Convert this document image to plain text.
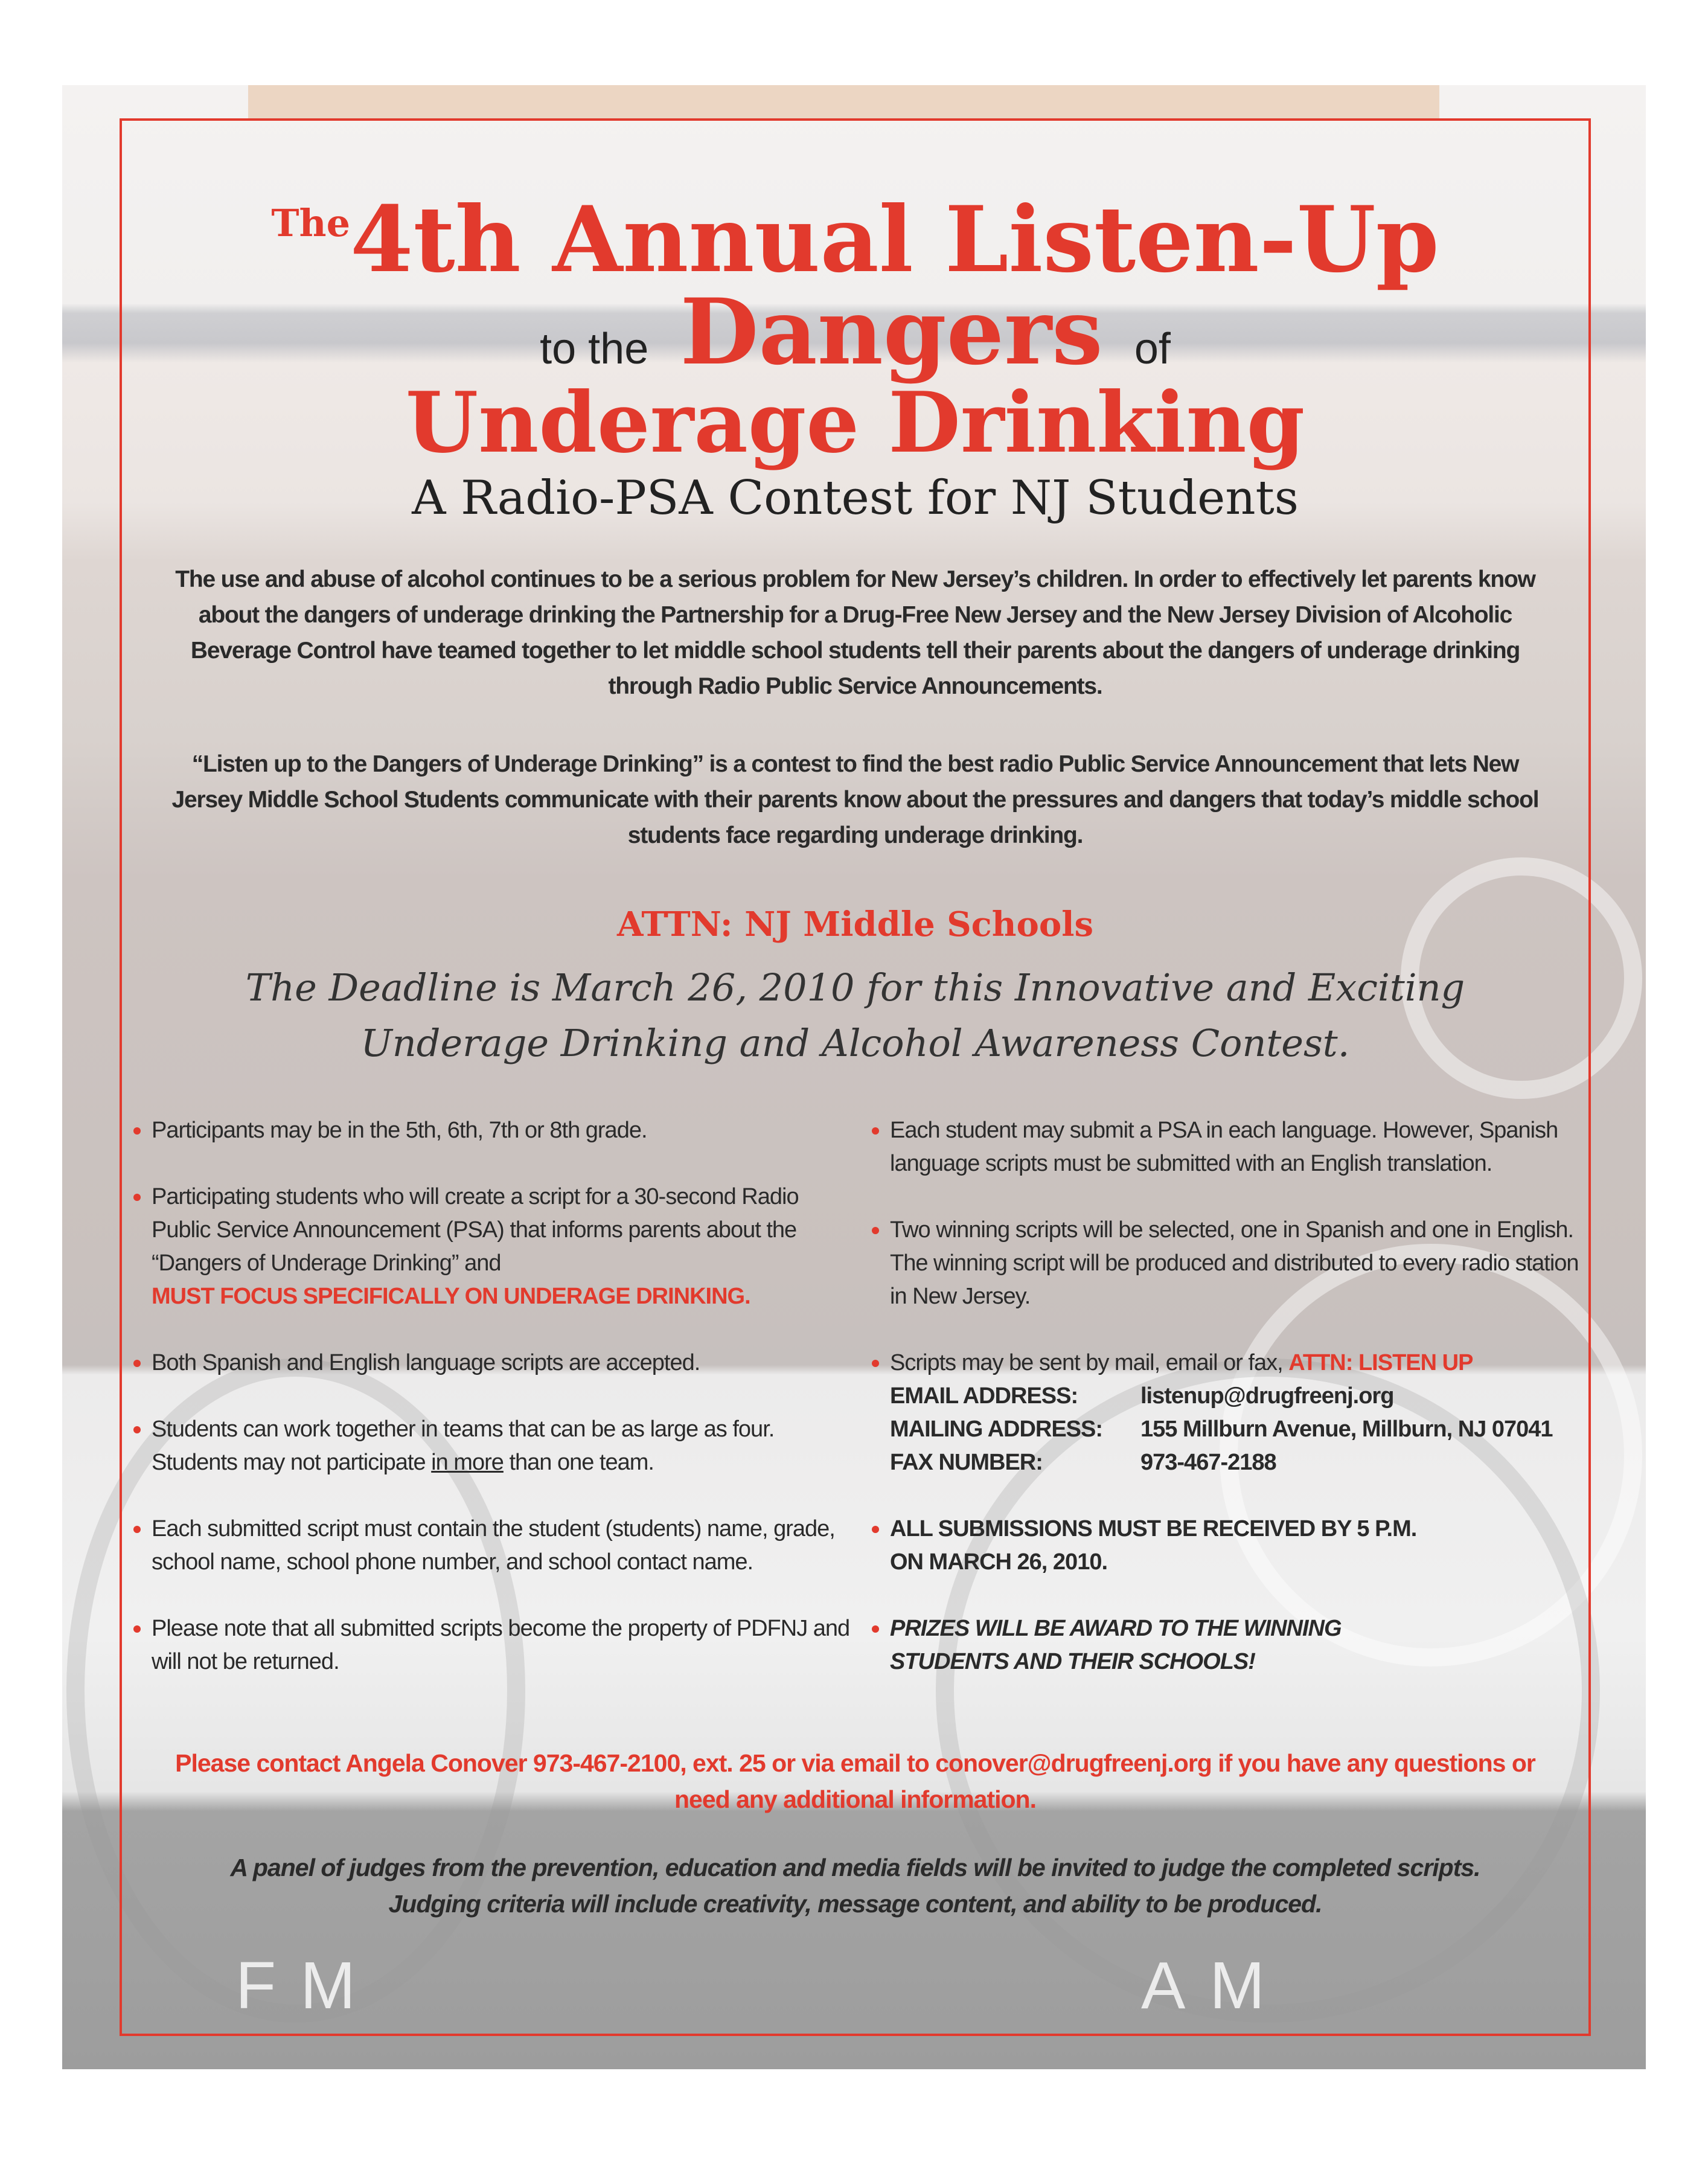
FM	AM
$^{The}$4th Annual Listen-Up
to the Dangers of
Underage Drinking
A Radio-PSA Contest for NJ Students
The use and abuse of alcohol continues to be a serious problem for New Jersey’s children. In order to effectively let parents know about the dangers of underage drinking the Partnership for a Drug-Free New Jersey and the New Jersey Division of Alcoholic Beverage Control have teamed together to let middle school students tell their parents about the dangers of underage drinking through Radio Public Service Announcements.
“Listen up to the Dangers of Underage Drinking” is a contest to find the best radio Public Service Announcement that lets New Jersey Middle School Students communicate with their parents know about the pressures and dangers that today’s middle school students face regarding underage drinking.
ATTN: NJ Middle Schools
The Deadline is March 26, 2010 for this Innovative and Exciting
Underage Drinking and Alcohol Awareness Contest.
Participants may be in the 5th, 6th, 7th or 8th grade.
Participating students who will create a script for a 30-second Radio Public Service Announcement (PSA) that informs parents about the “Dangers of Underage Drinking” and
MUST FOCUS SPECIFICALLY ON UNDERAGE DRINKING.
Both Spanish and English language scripts are accepted.
Students can work together in teams that can be as large as four. Students may not participate in more than one team.
Each submitted script must contain the student (students) name, grade, school name, school phone number, and school contact name.
Please note that all submitted scripts become the property of PDFNJ and will not be returned.
Each student may submit a PSA in each language. However, Spanish language scripts must be submitted with an English translation.
Two winning scripts will be selected, one in Spanish and one in English. The winning script will be produced and distributed to every radio station in New Jersey.
Scripts may be sent by mail, email or fax, ATTN: LISTEN UP
EMAIL ADDRESS:	listenup@drugfreenj.org
MAILING ADDRESS:	155 Millburn Avenue, Millburn, NJ 07041
FAX NUMBER:	973-467-2188
ALL SUBMISSIONS MUST BE RECEIVED BY 5 P.M. ON MARCH 26, 2010.
PRIZES WILL BE AWARD TO THE WINNING STUDENTS AND THEIR SCHOOLS!
Please contact Angela Conover 973-467-2100, ext. 25 or via email to conover@drugfreenj.org if you have any questions or need any additional information.
A panel of judges from the prevention, education and media fields will be invited to judge the completed scripts.
Judging criteria will include creativity, message content, and ability to be produced.
